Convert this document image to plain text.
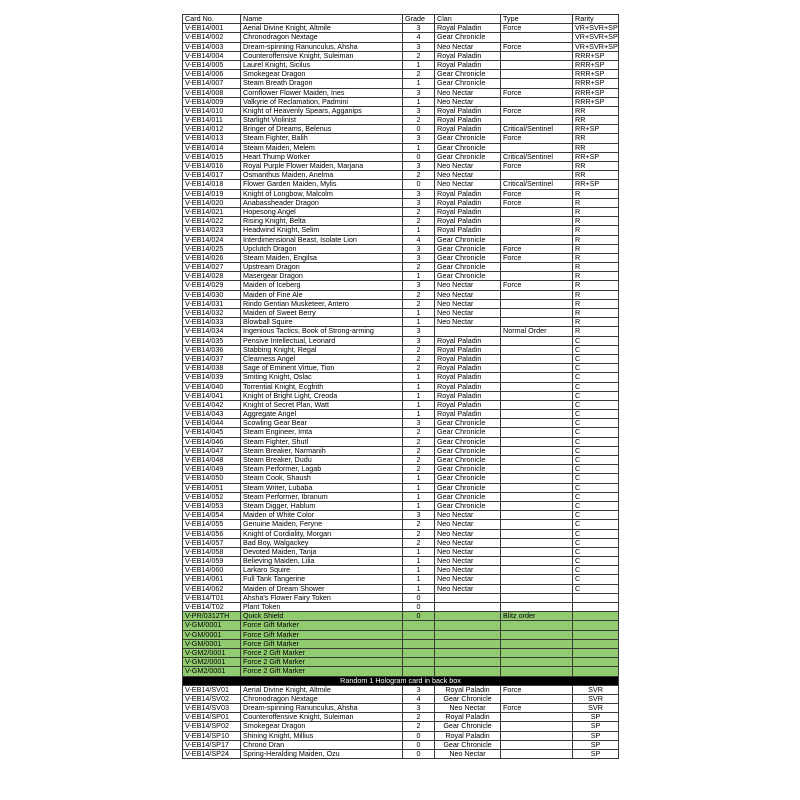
Card No.	Name	Grade	Clan	Type	Rarity
V-EB14/001	Aerial Divine Knight, Altmile	3	Royal Paladin	Force	VR+SVR+SP
V-EB14/002	Chronodragon Nextage	4	Gear Chronicle		VR+SVR+SP
V-EB14/003	Dream-spinning Ranunculus, Ahsha	3	Neo Nectar	Force	VR+SVR+SP
V-EB14/004	Counteroffensive Knight, Suleiman	2	Royal Paladin		RRR+SP
V-EB14/005	Laurel Knight, Sicilus	1	Royal Paladin		RRR+SP
V-EB14/006	Smokegear Dragon	2	Gear Chronicle		RRR+SP
V-EB14/007	Steam Breath Dragon	1	Gear Chronicle		RRR+SP
V-EB14/008	Cornflower Flower Maiden, Ines	3	Neo Nectar	Force	RRR+SP
V-EB14/009	Valkyrie of Reclamation, Padmini	1	Neo Nectar		RRR+SP
V-EB14/010	Knight of Heavenly Spears, Agganips	3	Royal Paladin	Force	RR
V-EB14/011	Starlight Violinist	2	Royal Paladin		RR
V-EB14/012	Bringer of Dreams, Belenus	0	Royal Paladin	Critical/Sentinel	RR+SP
V-EB14/013	Steam Fighter, Balih	3	Gear Chronicle	Force	RR
V-EB14/014	Steam Maiden, Melem	1	Gear Chronicle		RR
V-EB14/015	Heart Thump Worker	0	Gear Chronicle	Critical/Sentinel	RR+SP
V-EB14/016	Royal Purple Flower Maiden, Marjana	3	Neo Nectar	Force	RR
V-EB14/017	Osmanthus Maiden, Anelma	2	Neo Nectar		RR
V-EB14/018	Flower Garden Maiden, Mylis	0	Neo Nectar	Critical/Sentinel	RR+SP
V-EB14/019	Knight of Longbow, Malcolm	3	Royal Paladin	Force	R
V-EB14/020	Anabassheader Dragon	3	Royal Paladin	Force	R
V-EB14/021	Hopesong Angel	2	Royal Paladin		R
V-EB14/022	Rising Knight, Belta	2	Royal Paladin		R
V-EB14/023	Headwind Knight, Selim	1	Royal Paladin		R
V-EB14/024	Interdimensional Beast, Isolate Lion	4	Gear Chronicle		R
V-EB14/025	Upclutch Dragon	3	Gear Chronicle	Force	R
V-EB14/026	Steam Maiden, Engilsa	3	Gear Chronicle	Force	R
V-EB14/027	Upstream Dragon	2	Gear Chronicle		R
V-EB14/028	Masergear Dragon	1	Gear Chronicle		R
V-EB14/029	Maiden of Iceberg	3	Neo Nectar	Force	R
V-EB14/030	Maiden of Fine Ale	2	Neo Nectar		R
V-EB14/031	Rindo Gentian Musketeer, Antero	2	Neo Nectar		R
V-EB14/032	Maiden of Sweet Berry	1	Neo Nectar		R
V-EB14/033	Blowball Squire	1	Neo Nectar		R
V-EB14/034	Ingenious Tactics, Book of Strong-arming	3		Normal Order	R
V-EB14/035	Pensive Intellectual, Leonard	3	Royal Paladin		C
V-EB14/036	Stabbing Knight, Regal	2	Royal Paladin		C
V-EB14/037	Clearness Angel	2	Royal Paladin		C
V-EB14/038	Sage of Eminent Virtue, Tion	2	Royal Paladin		C
V-EB14/039	Smiting Knight, Oslac	1	Royal Paladin		C
V-EB14/040	Torrential Knight, Ecgfrith	1	Royal Paladin		C
V-EB14/041	Knight of Bright Light, Creoda	1	Royal Paladin		C
V-EB14/042	Knight of Secret Plan, Watt	1	Royal Paladin		C
V-EB14/043	Aggregate Angel	1	Royal Paladin		C
V-EB14/044	Scowling Gear Bear	3	Gear Chronicle		C
V-EB14/045	Steam Engineer, Imta	2	Gear Chronicle		C
V-EB14/046	Steam Fighter, Shutl	2	Gear Chronicle		C
V-EB14/047	Steam Breaker, Narmanih	2	Gear Chronicle		C
V-EB14/048	Steam Breaker, Dudu	2	Gear Chronicle		C
V-EB14/049	Steam Performer, Lagab	2	Gear Chronicle		C
V-EB14/050	Steam Cook, Shaush	1	Gear Chronicle		C
V-EB14/051	Steam Writer, Lubaba	1	Gear Chronicle		C
V-EB14/052	Steam Performer, Ibranum	1	Gear Chronicle		C
V-EB14/053	Steam Digger, Hablum	1	Gear Chronicle		C
V-EB14/054	Maiden of White Color	3	Neo Nectar		C
V-EB14/055	Genuine Maiden, Feryne	2	Neo Nectar		C
V-EB14/056	Knight of Cordiality, Morgan	2	Neo Nectar		C
V-EB14/057	Bad Boy, Walgackey	2	Neo Nectar		C
V-EB14/058	Devoted Maiden, Tanja	1	Neo Nectar		C
V-EB14/059	Believing Maiden, Lilia	1	Neo Nectar		C
V-EB14/060	Larkaro Squire	1	Neo Nectar		C
V-EB14/061	Full Tank Tangerine	1	Neo Nectar		C
V-EB14/062	Maiden of Dream Shower	1	Neo Nectar		C
V-EB14/T01	Ahsha's Flower Fairy Token	0			
V-EB14/T02	Plant Token	0			
V-PR/0312TH	Quick Shield	0		Blitz order	
V-GM/0001	Force Gift Marker				
V-GM/0001	Force Gift Marker				
V-GM/0001	Force Gift Marker				
V-GM2/0001	Force 2 Gift Marker				
V-GM2/0001	Force 2 Gift Marker				
V-GM2/0001	Force 2 Gift Marker				
Random 1 Hologram card in back box					
V-EB14/SV01	Aerial Divine Knight, Altmile	3	Royal Paladin	Force	SVR
V-EB14/SV02	Chronodragon Nextage	4	Gear Chronicle		SVR
V-EB14/SV03	Dream-spinning Ranunculus, Ahsha	3	Neo Nectar	Force	SVR
V-EB14/SP01	Counteroffensive Knight, Suleiman	2	Royal Paladin		SP
V-EB14/SP02	Smokegear Dragon	2	Gear Chronicle		SP
V-EB14/SP10	Shining Knight, Millius	0	Royal Paladin		SP
V-EB14/SP17	Chrono Dran	0	Gear Chronicle		SP
V-EB14/SP24	Spring-Heralding Maiden, Ozu	0	Neo Nectar		SP
